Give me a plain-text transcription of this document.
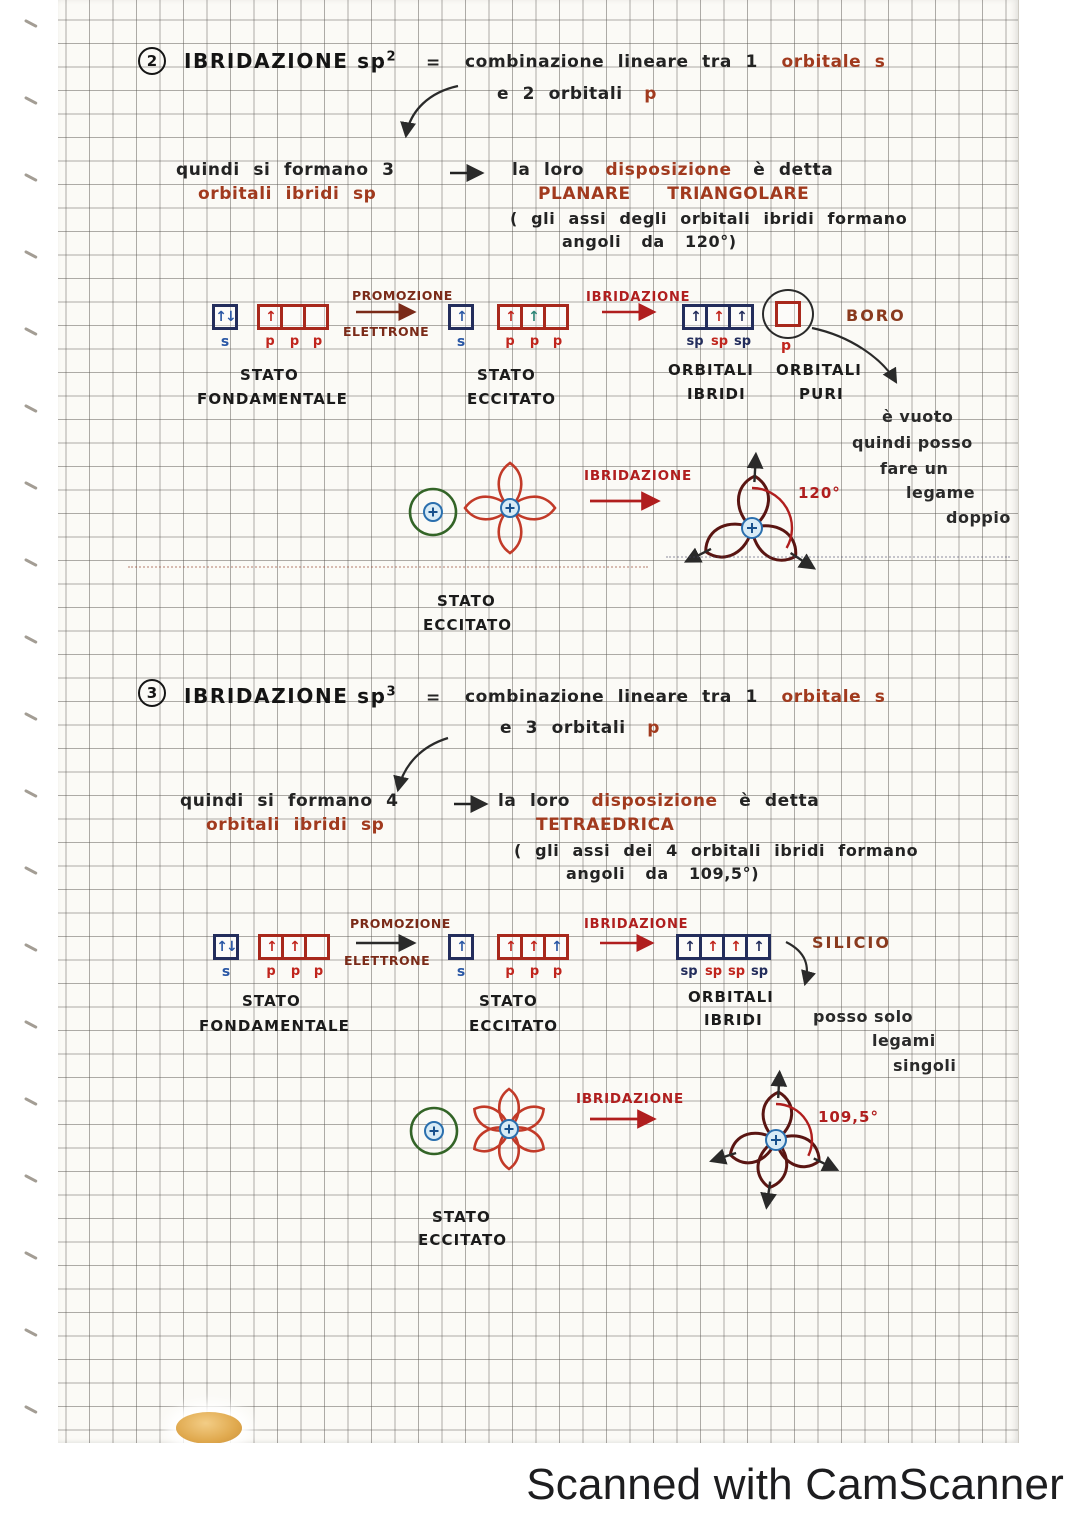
2	IBRIDAZIONE $sp^2$ = combinazione lineare tra 1 orbitale s
e 2 orbitali p
quindi si formano 3
orbitali ibridi sp
la loro disposizione è detta
PLANARE TRIANGOLARE
( gli assi degli orbitali ibridi formano
angoli da 120°)
↑↓
s
↑
p	p	p
PROMOZIONE
ELETTRONE
↑
s
↑ ↑
p	p	p
IBRIDAZIONE
↑ ↑ ↑
sp sp sp	p
BORO
STATO
FONDAMENTALE
STATO
ECCITATO
ORBITALI
IBRIDI
ORBITALI
PURI
è vuoto
quindi posso
fare un
legame
doppio
IBRIDAZIONE
120°
STATO
ECCITATO
3	IBRIDAZIONE $sp^3$ = combinazione lineare tra 1 orbitale s
e 3 orbitali p
quindi si formano 4
orbitali ibridi sp
la loro disposizione è detta
TETRAEDRICA
( gli assi dei 4 orbitali ibridi formano
angoli da 109,5°)
↑↓
s
↑ ↑
p	p	p
PROMOZIONE
ELETTRONE
↑
s
↑ ↑ ↑
p	p	p
IBRIDAZIONE
↑ ↑ ↑ ↑
sp sp sp sp
SILICIO
STATO
FONDAMENTALE
STATO
ECCITATO
ORBITALI
IBRIDI	posso solo
legami
singoli
IBRIDAZIONE
109,5°
STATO
ECCITATO
Scanned with CamScanner
